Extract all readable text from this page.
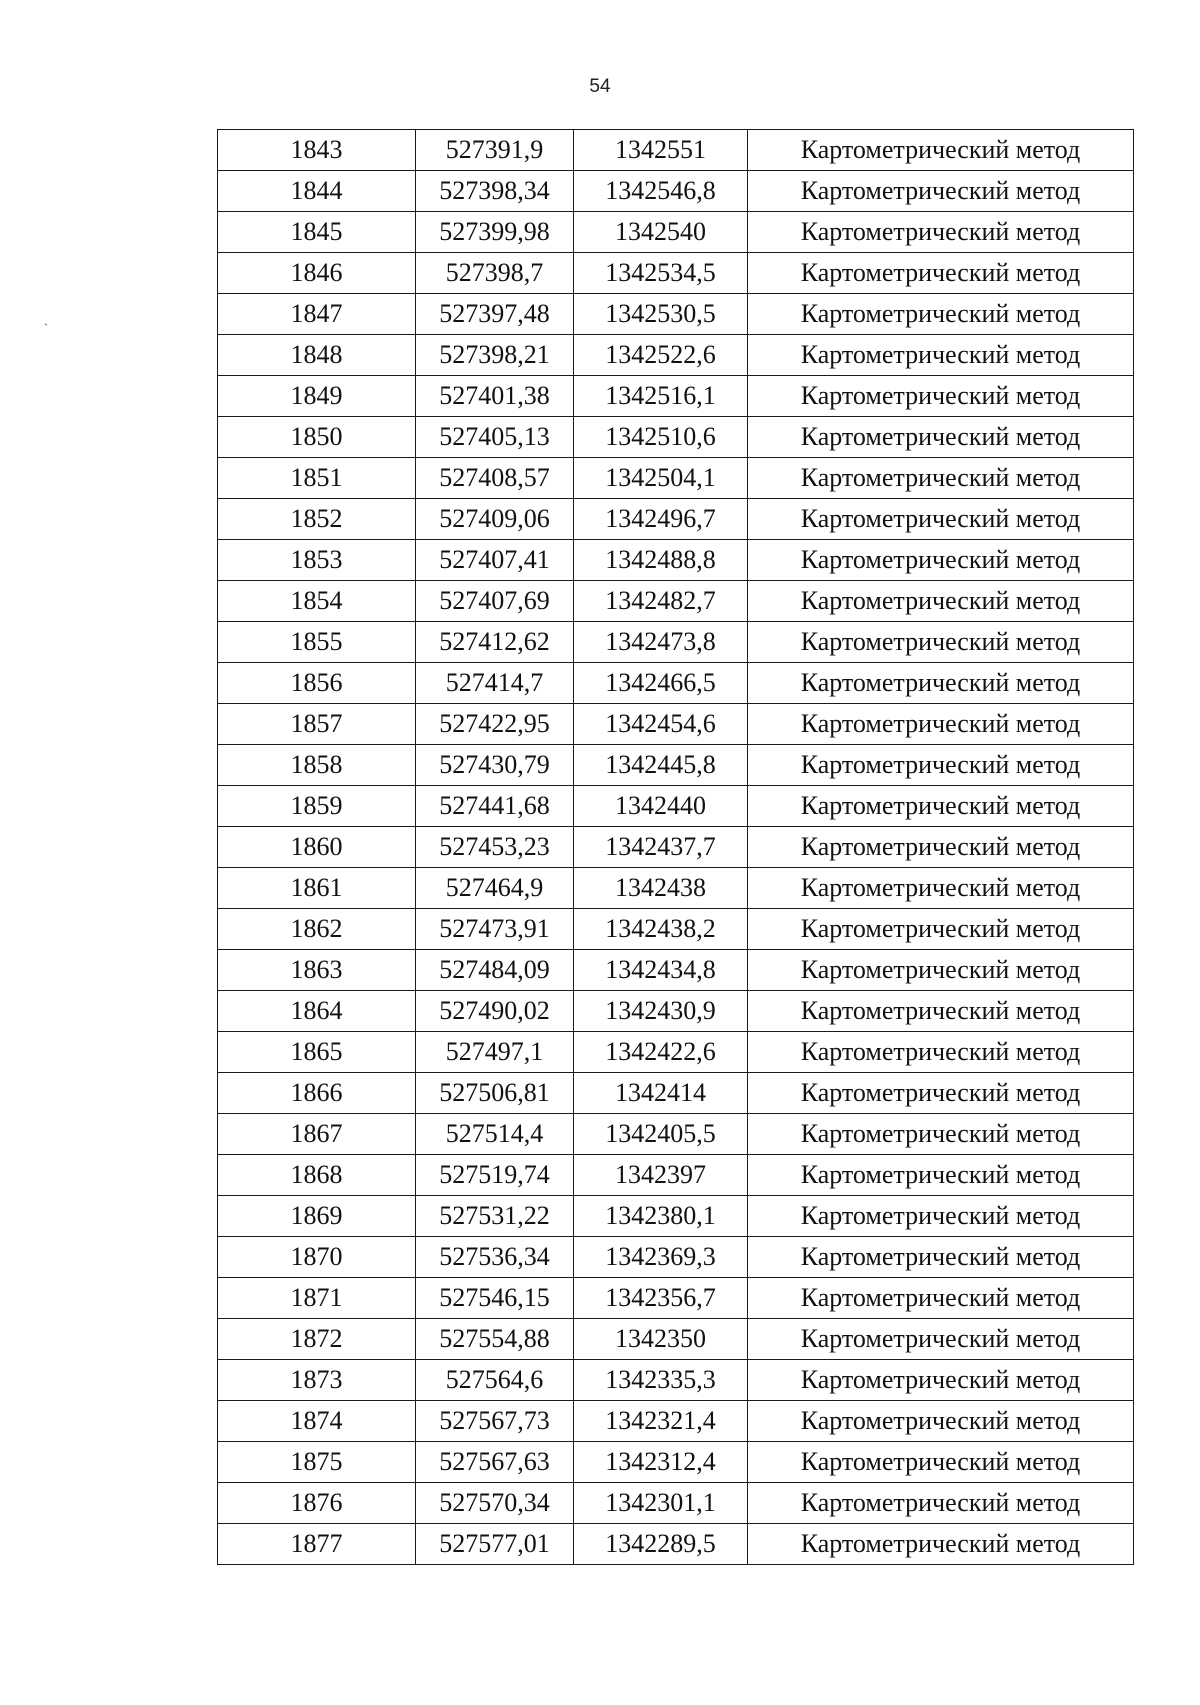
54
ˎ
1843	527391,9	1342551	Картометрический метод
1844	527398,34	1342546,8	Картометрический метод
1845	527399,98	1342540	Картометрический метод
1846	527398,7	1342534,5	Картометрический метод
1847	527397,48	1342530,5	Картометрический метод
1848	527398,21	1342522,6	Картометрический метод
1849	527401,38	1342516,1	Картометрический метод
1850	527405,13	1342510,6	Картометрический метод
1851	527408,57	1342504,1	Картометрический метод
1852	527409,06	1342496,7	Картометрический метод
1853	527407,41	1342488,8	Картометрический метод
1854	527407,69	1342482,7	Картометрический метод
1855	527412,62	1342473,8	Картометрический метод
1856	527414,7	1342466,5	Картометрический метод
1857	527422,95	1342454,6	Картометрический метод
1858	527430,79	1342445,8	Картометрический метод
1859	527441,68	1342440	Картометрический метод
1860	527453,23	1342437,7	Картометрический метод
1861	527464,9	1342438	Картометрический метод
1862	527473,91	1342438,2	Картометрический метод
1863	527484,09	1342434,8	Картометрический метод
1864	527490,02	1342430,9	Картометрический метод
1865	527497,1	1342422,6	Картометрический метод
1866	527506,81	1342414	Картометрический метод
1867	527514,4	1342405,5	Картометрический метод
1868	527519,74	1342397	Картометрический метод
1869	527531,22	1342380,1	Картометрический метод
1870	527536,34	1342369,3	Картометрический метод
1871	527546,15	1342356,7	Картометрический метод
1872	527554,88	1342350	Картометрический метод
1873	527564,6	1342335,3	Картометрический метод
1874	527567,73	1342321,4	Картометрический метод
1875	527567,63	1342312,4	Картометрический метод
1876	527570,34	1342301,1	Картометрический метод
1877	527577,01	1342289,5	Картометрический метод
